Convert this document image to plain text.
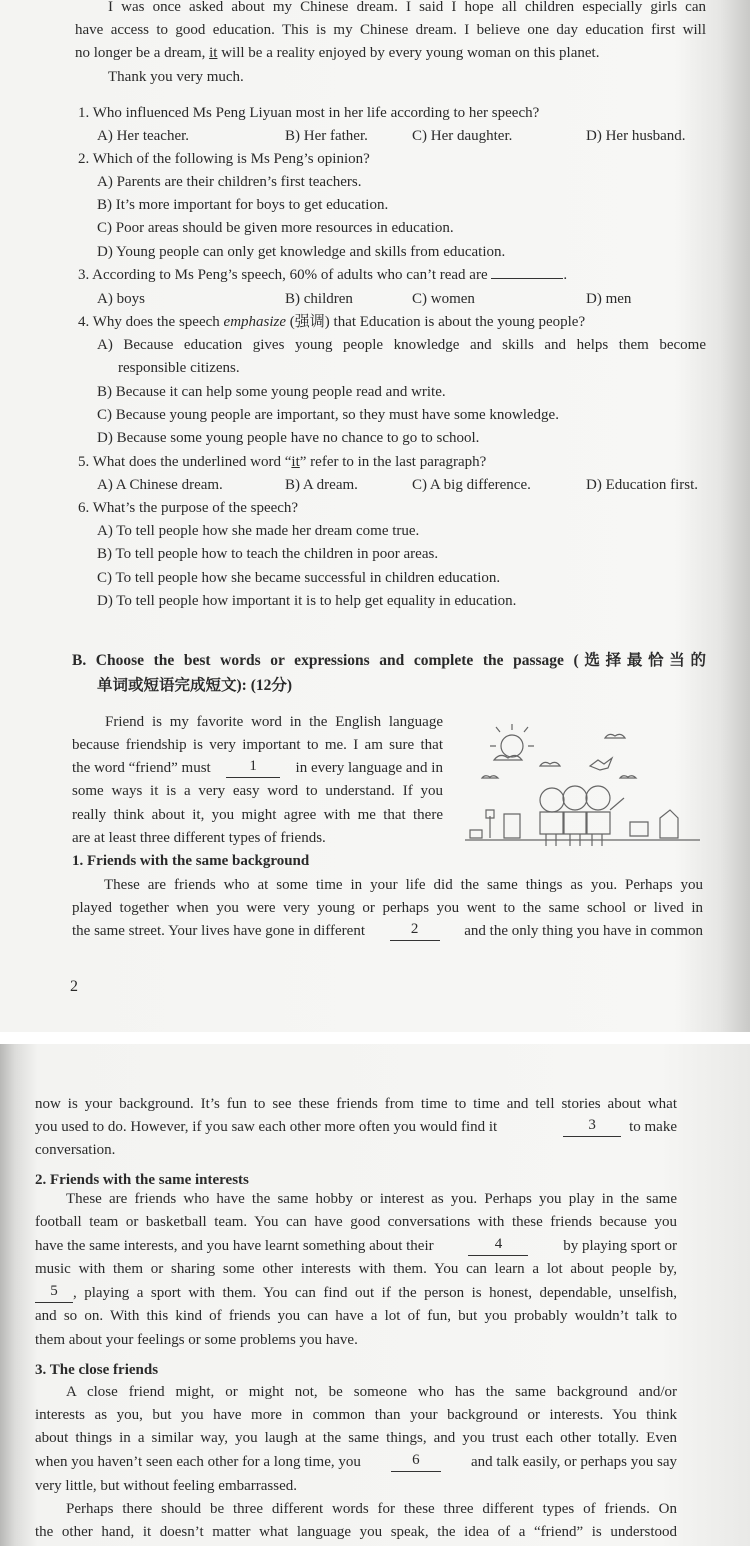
I was once asked about my Chinese dream. I said I hope all children especially girls can
have access to good education. This is my Chinese dream. I believe one day education first will
no longer be a dream, it will be a reality enjoyed by every young woman on this planet.
Thank you very much.
1. Who influenced Ms Peng Liyuan most in her life according to her speech?
A) Her teacher.	B) Her father.	C) Her daughter.	D) Her husband.
2. Which of the following is Ms Peng’s opinion?
A) Parents are their children’s first teachers.
B) It’s more important for boys to get education.
C) Poor areas should be given more resources in education.
D) Young people can only get knowledge and skills from education.
3. According to Ms Peng’s speech, 60% of adults who can’t read are	.
A) boys	B) children	C) women	D) men
4. Why does the speech emphasize (强调) that Education is about the young people?
A) Because education gives young people knowledge and skills and helps them become
responsible citizens.
B) Because it can help some young people read and write.
C) Because young people are important, so they must have some knowledge.
D) Because some young people have no chance to go to school.
5. What does the underlined word “it” refer to in the last paragraph?
A) A Chinese dream.	B) A dream.	C) A big difference.	D) Education first.
6. What’s the purpose of the speech?
A) To tell people how she made her dream come true.
B) To tell people how to teach the children in poor areas.
C) To tell people how she became successful in children education.
D) To tell people how important it is to help get equality in education.
B. Choose the best words or expressions and complete the passage (选择最恰当的
单词或短语完成短文): (12分)
Friend is my favorite word in the English language
because friendship is very important to me. I am sure that
the word “friend” must	1	in every language and in
some ways it is a very easy word to understand. If you
really think about it, you might agree with me that there
are at least three different types of friends.
1. Friends with the same background
These are friends who at some time in your life did the same things as you. Perhaps you
played together when you were very young or perhaps you went to the same school or lived in
the same street. Your lives have gone in different	2	and the only thing you have in common
2
now is your background. It’s fun to see these friends from time to time and tell stories about what
you used to do. However, if you saw each other more often you would find it	3	to make
conversation.
2. Friends with the same interests
These are friends who have the same hobby or interest as you. Perhaps you play in the same
football team or basketball team. You can have good conversations with these friends because you
have the same interests, and you have learnt something about their	4	by playing sport or
music with them or sharing some other interests with them. You can learn a lot about people by,
5	, playing a sport with them. You can find out if the person is honest, dependable, unselfish,
and so on. With this kind of friends you can have a lot of fun, but you probably wouldn’t talk to
them about your feelings or some problems you have.
3. The close friends
A close friend might, or might not, be someone who has the same background and/or
interests as you, but you have more in common than your background or interests. You think
about things in a similar way, you laugh at the same things, and you trust each other totally. Even
when you haven’t seen each other for a long time, you	6	and talk easily, or perhaps you say
very little, but without feeling embarrassed.
Perhaps there should be three different words for these three different types of friends. On
the other hand, it doesn’t matter what language you speak, the idea of a “friend” is understood
